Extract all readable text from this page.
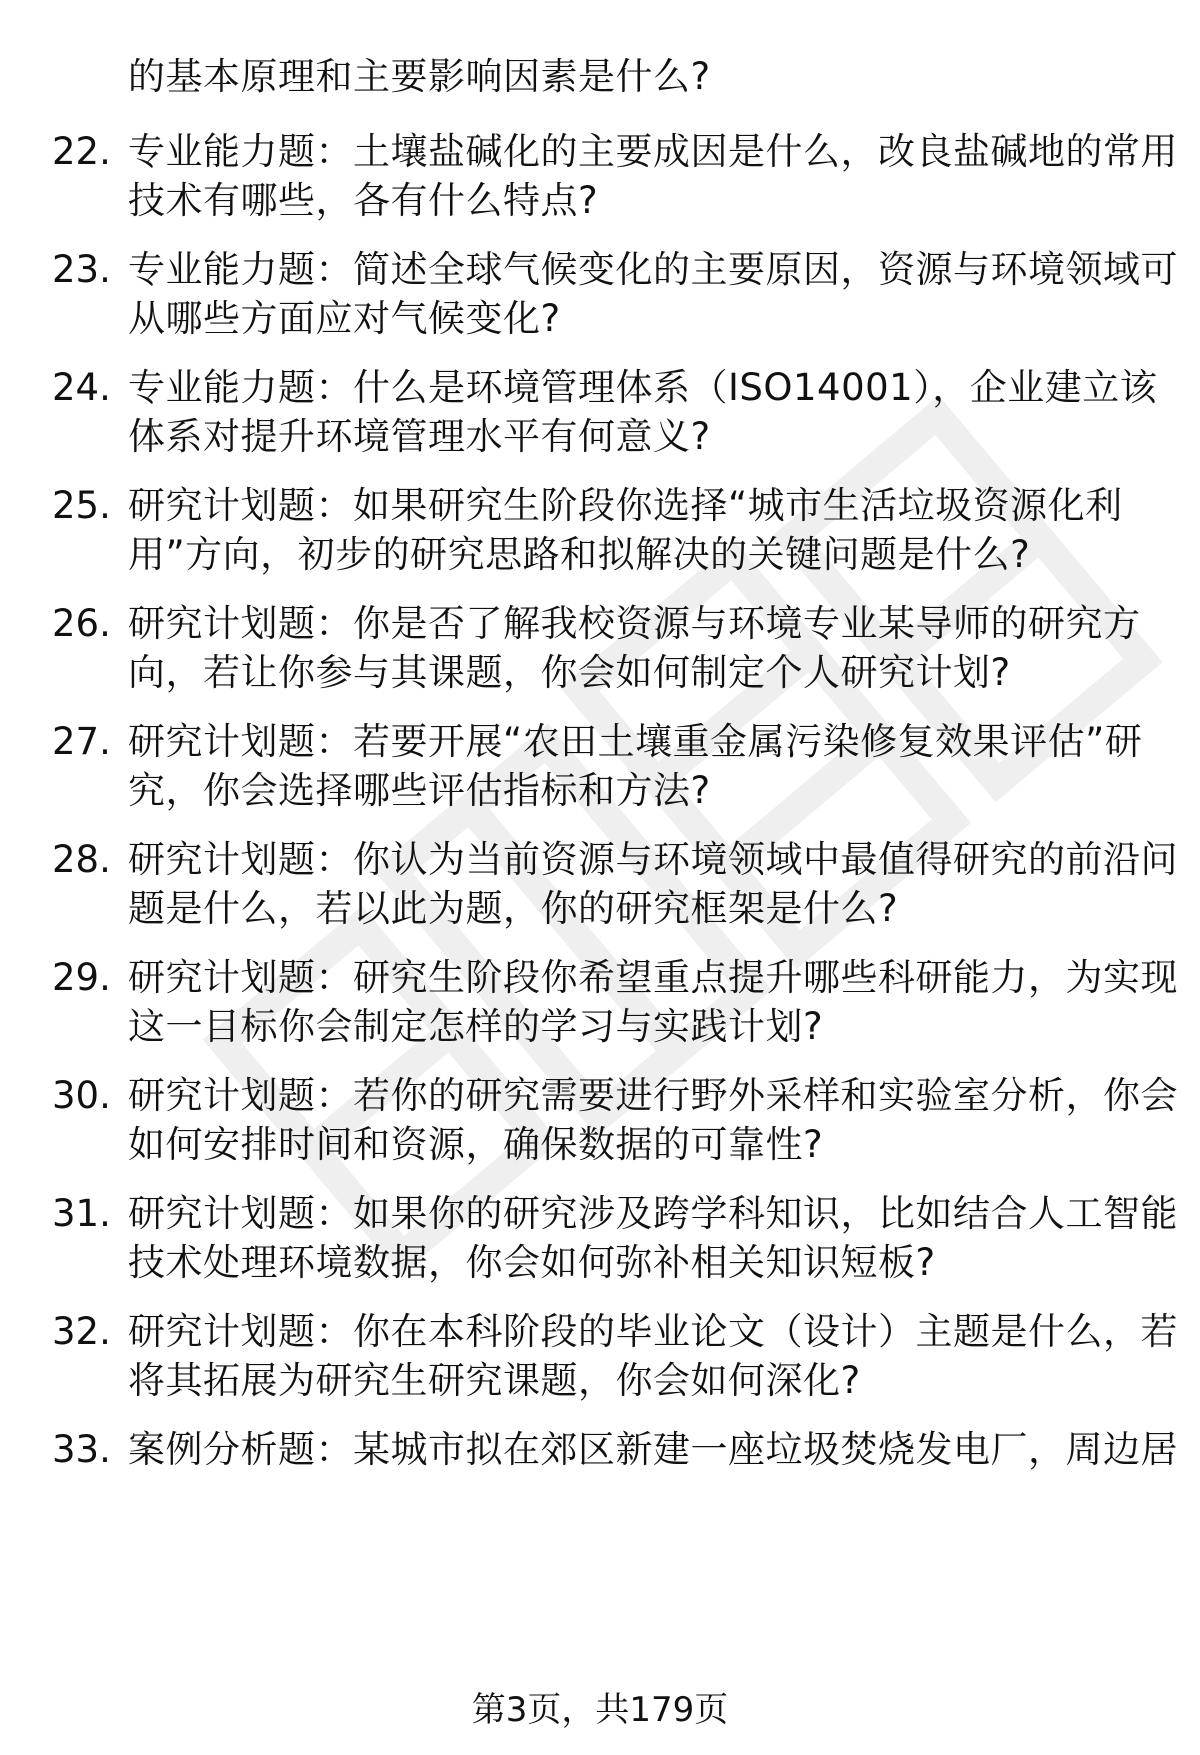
的基本原理和主要影响因素是什么?
22. 专业能力题：土壤盐碱化的主要成因是什么，改良盐碱地的常用
技术有哪些，各有什么特点?
23. 专业能力题：简述全球气候变化的主要原因，资源与环境领域可
从哪些方面应对气候变化?
24. 专业能力题：什么是环境管理体系（ISO14001），企业建立该
体系对提升环境管理水平有何意义?
25. 研究计划题：如果研究生阶段你选择“城市生活垃圾资源化利
用”方向，初步的研究思路和拟解决的关键问题是什么?
26. 研究计划题：你是否了解我校资源与环境专业某导师的研究方
向，若让你参与其课题，你会如何制定个人研究计划?
27. 研究计划题：若要开展“农田土壤重金属污染修复效果评估”研
究，你会选择哪些评估指标和方法?
28. 研究计划题：你认为当前资源与环境领域中最值得研究的前沿问
题是什么，若以此为题，你的研究框架是什么?
29. 研究计划题：研究生阶段你希望重点提升哪些科研能力，为实现
这一目标你会制定怎样的学习与实践计划?
30. 研究计划题：若你的研究需要进行野外采样和实验室分析，你会
如何安排时间和资源，确保数据的可靠性?
31. 研究计划题：如果你的研究涉及跨学科知识，比如结合人工智能
技术处理环境数据，你会如何弥补相关知识短板?
32. 研究计划题：你在本科阶段的毕业论文（设计）主题是什么，若
将其拓展为研究生研究课题，你会如何深化?
33. 案例分析题：某城市拟在郊区新建一座垃圾焚烧发电厂，周边居
第3页，共179页
